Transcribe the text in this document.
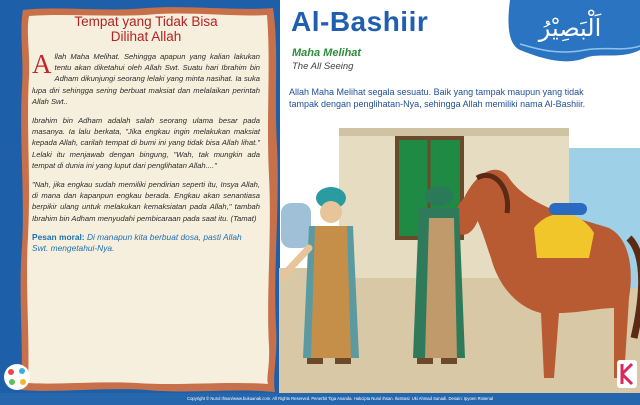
Tempat yang Tidak Bisa
Dilihat Allah

Allah Maha Melihat. Sehingga apapun yang kalian lakukan tentu akan diketahui oleh Allah Swt. Suatu hari Ibrahim bin Adham dikunjungi seorang lelaki yang minta nasihat. Ia suka lupa diri sehingga sering berbuat maksiat dan melalaikan perintah Allah Swt..

Ibrahim bin Adham adalah salah seorang ulama besar pada masanya. Ia lalu berkata, "Jika engkau ingin melakukan maksiat kepada Allah, carilah tempat di bumi ini yang tidak bisa Allah lihat." Lelaki itu menjawab dengan bingung, "Wah, tak mungkin ada tempat di dunia ini yang luput dari penglihatan Allah...."

"Nah, jika engkau sudah memiliki pendirian seperti itu, Insya Allah, di mana dan kapanpun engkau berada. Engkau akan senantiasa berpikir ulang untuk melakukan kemaksiatan pada Allah," tambah Ibrahim bin Adham menyudahi pembicaraan pada saat itu. (Tamat)

Pesan moral: Di manapun kita berbuat dosa, pasti Allah Swt. mengetahui-Nya.

Al-Bashiir

Maha Melihat

The All Seeing

اَلْبَصِيْرُ

Allah Maha Melihat segala sesuatu. Baik yang tampak maupun yang tidak tampak dengan penglihatan-Nya, sehingga Allah memiliki nama Al-Bashiir.

Copyright © Nurul Ihsan/www.bukuanak.com. All Rights Reserved. Penerbit Tiga Ananda. Hakcipta Nurul Ihsan. Ilustrasi: Uki Ahmad Sanadi. Desain: Ipyoen Rosenal
